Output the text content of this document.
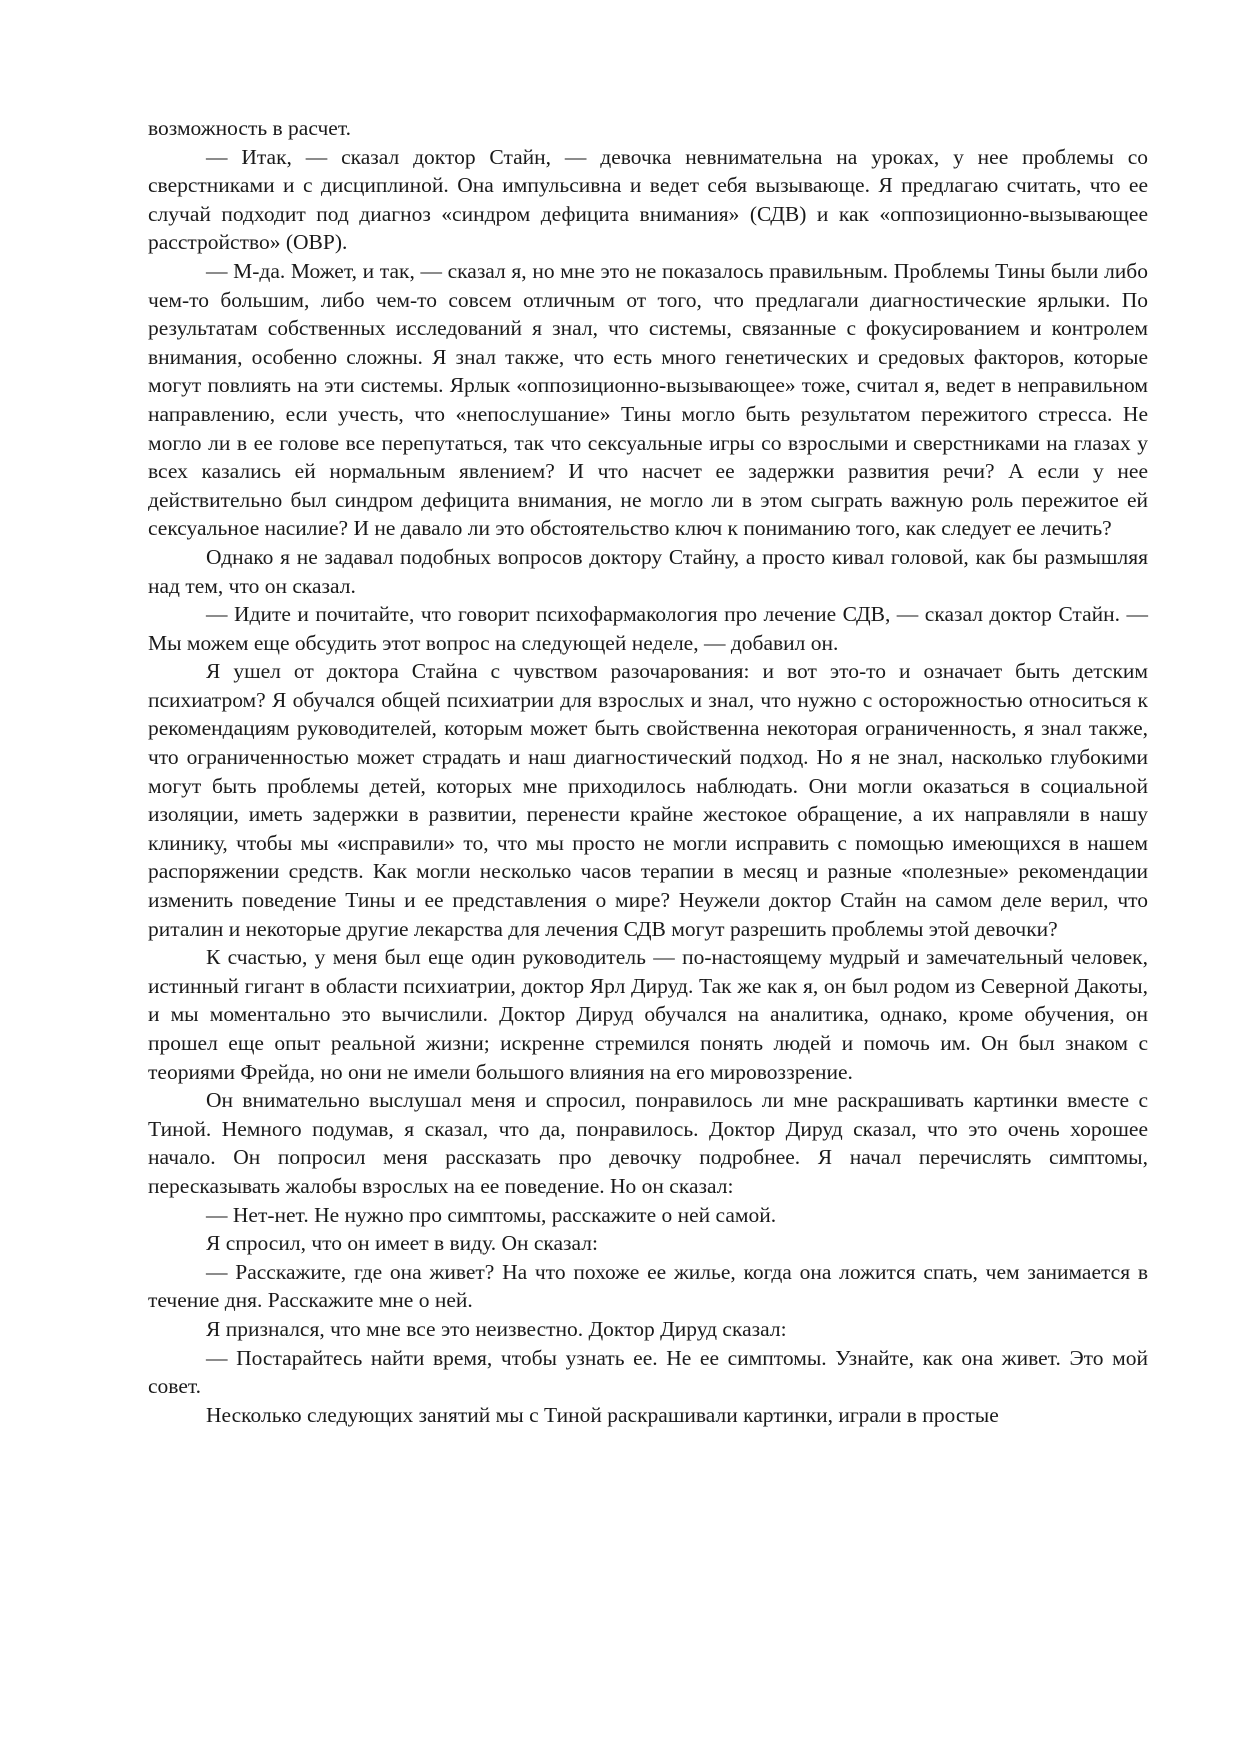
возможность в расчет.

— Итак, — сказал доктор Стайн, — девочка невнимательна на уроках, у нее проблемы со сверстниками и с дисциплиной. Она импульсивна и ведет себя вызывающе. Я предлагаю считать, что ее случай подходит под диагноз «синдром дефицита внимания» (СДВ) и как «оппозиционно-вызывающее расстройство» (ОВР).

— М-да. Может, и так, — сказал я, но мне это не показалось правильным. Проблемы Тины были либо чем-то большим, либо чем-то совсем отличным от того, что предлагали диагностические ярлыки. По результатам собственных исследований я знал, что системы, связанные с фокусированием и контролем внимания, особенно сложны. Я знал также, что есть много генетических и средовых факторов, которые могут повлиять на эти системы. Ярлык «оппозиционно-вызывающее» тоже, считал я, ведет в неправильном направлению, если учесть, что «непослушание» Тины могло быть результатом пережитого стресса. Не могло ли в ее голове все перепутаться, так что сексуальные игры со взрослыми и сверстниками на глазах у всех казались ей нормальным явлением? И что насчет ее задержки развития речи? А если у нее действительно был синдром дефицита внимания, не могло ли в этом сыграть важную роль пережитое ей сексуальное насилие? И не давало ли это обстоятельство ключ к пониманию того, как следует ее лечить?

Однако я не задавал подобных вопросов доктору Стайну, а просто кивал головой, как бы размышляя над тем, что он сказал.

— Идите и почитайте, что говорит психофармакология про лечение СДВ, — сказал доктор Стайн. — Мы можем еще обсудить этот вопрос на следующей неделе, — добавил он.

Я ушел от доктора Стайна с чувством разочарования: и вот это-то и означает быть детским психиатром? Я обучался общей психиатрии для взрослых и знал, что нужно с осторожностью относиться к рекомендациям руководителей, которым может быть свойственна некоторая ограниченность, я знал также, что ограниченностью может страдать и наш диагностический подход. Но я не знал, насколько глубокими могут быть проблемы детей, которых мне приходилось наблюдать. Они могли оказаться в социальной изоляции, иметь задержки в развитии, перенести крайне жестокое обращение, а их направляли в нашу клинику, чтобы мы «исправили» то, что мы просто не могли исправить с помощью имеющихся в нашем распоряжении средств. Как могли несколько часов терапии в месяц и разные «полезные» рекомендации изменить поведение Тины и ее представления о мире? Неужели доктор Стайн на самом деле верил, что риталин и некоторые другие лекарства для лечения СДВ могут разрешить проблемы этой девочки?

К счастью, у меня был еще один руководитель — по-настоящему мудрый и замечательный человек, истинный гигант в области психиатрии, доктор Ярл Дируд. Так же как я, он был родом из Северной Дакоты, и мы моментально это вычислили. Доктор Дируд обучался на аналитика, однако, кроме обучения, он прошел еще опыт реальной жизни; искренне стремился понять людей и помочь им. Он был знаком с теориями Фрейда, но они не имели большого влияния на его мировоззрение.

Он внимательно выслушал меня и спросил, понравилось ли мне раскрашивать картинки вместе с Тиной. Немного подумав, я сказал, что да, понравилось. Доктор Дируд сказал, что это очень хорошее начало. Он попросил меня рассказать про девочку подробнее. Я начал перечислять симптомы, пересказывать жалобы взрослых на ее поведение. Но он сказал:

— Нет-нет. Не нужно про симптомы, расскажите о ней самой.

Я спросил, что он имеет в виду. Он сказал:

— Расскажите, где она живет? На что похоже ее жилье, когда она ложится спать, чем занимается в течение дня. Расскажите мне о ней.

Я признался, что мне все это неизвестно. Доктор Дируд сказал:

— Постарайтесь найти время, чтобы узнать ее. Не ее симптомы. Узнайте, как она живет. Это мой совет.

Несколько следующих занятий мы с Тиной раскрашивали картинки, играли в простые
